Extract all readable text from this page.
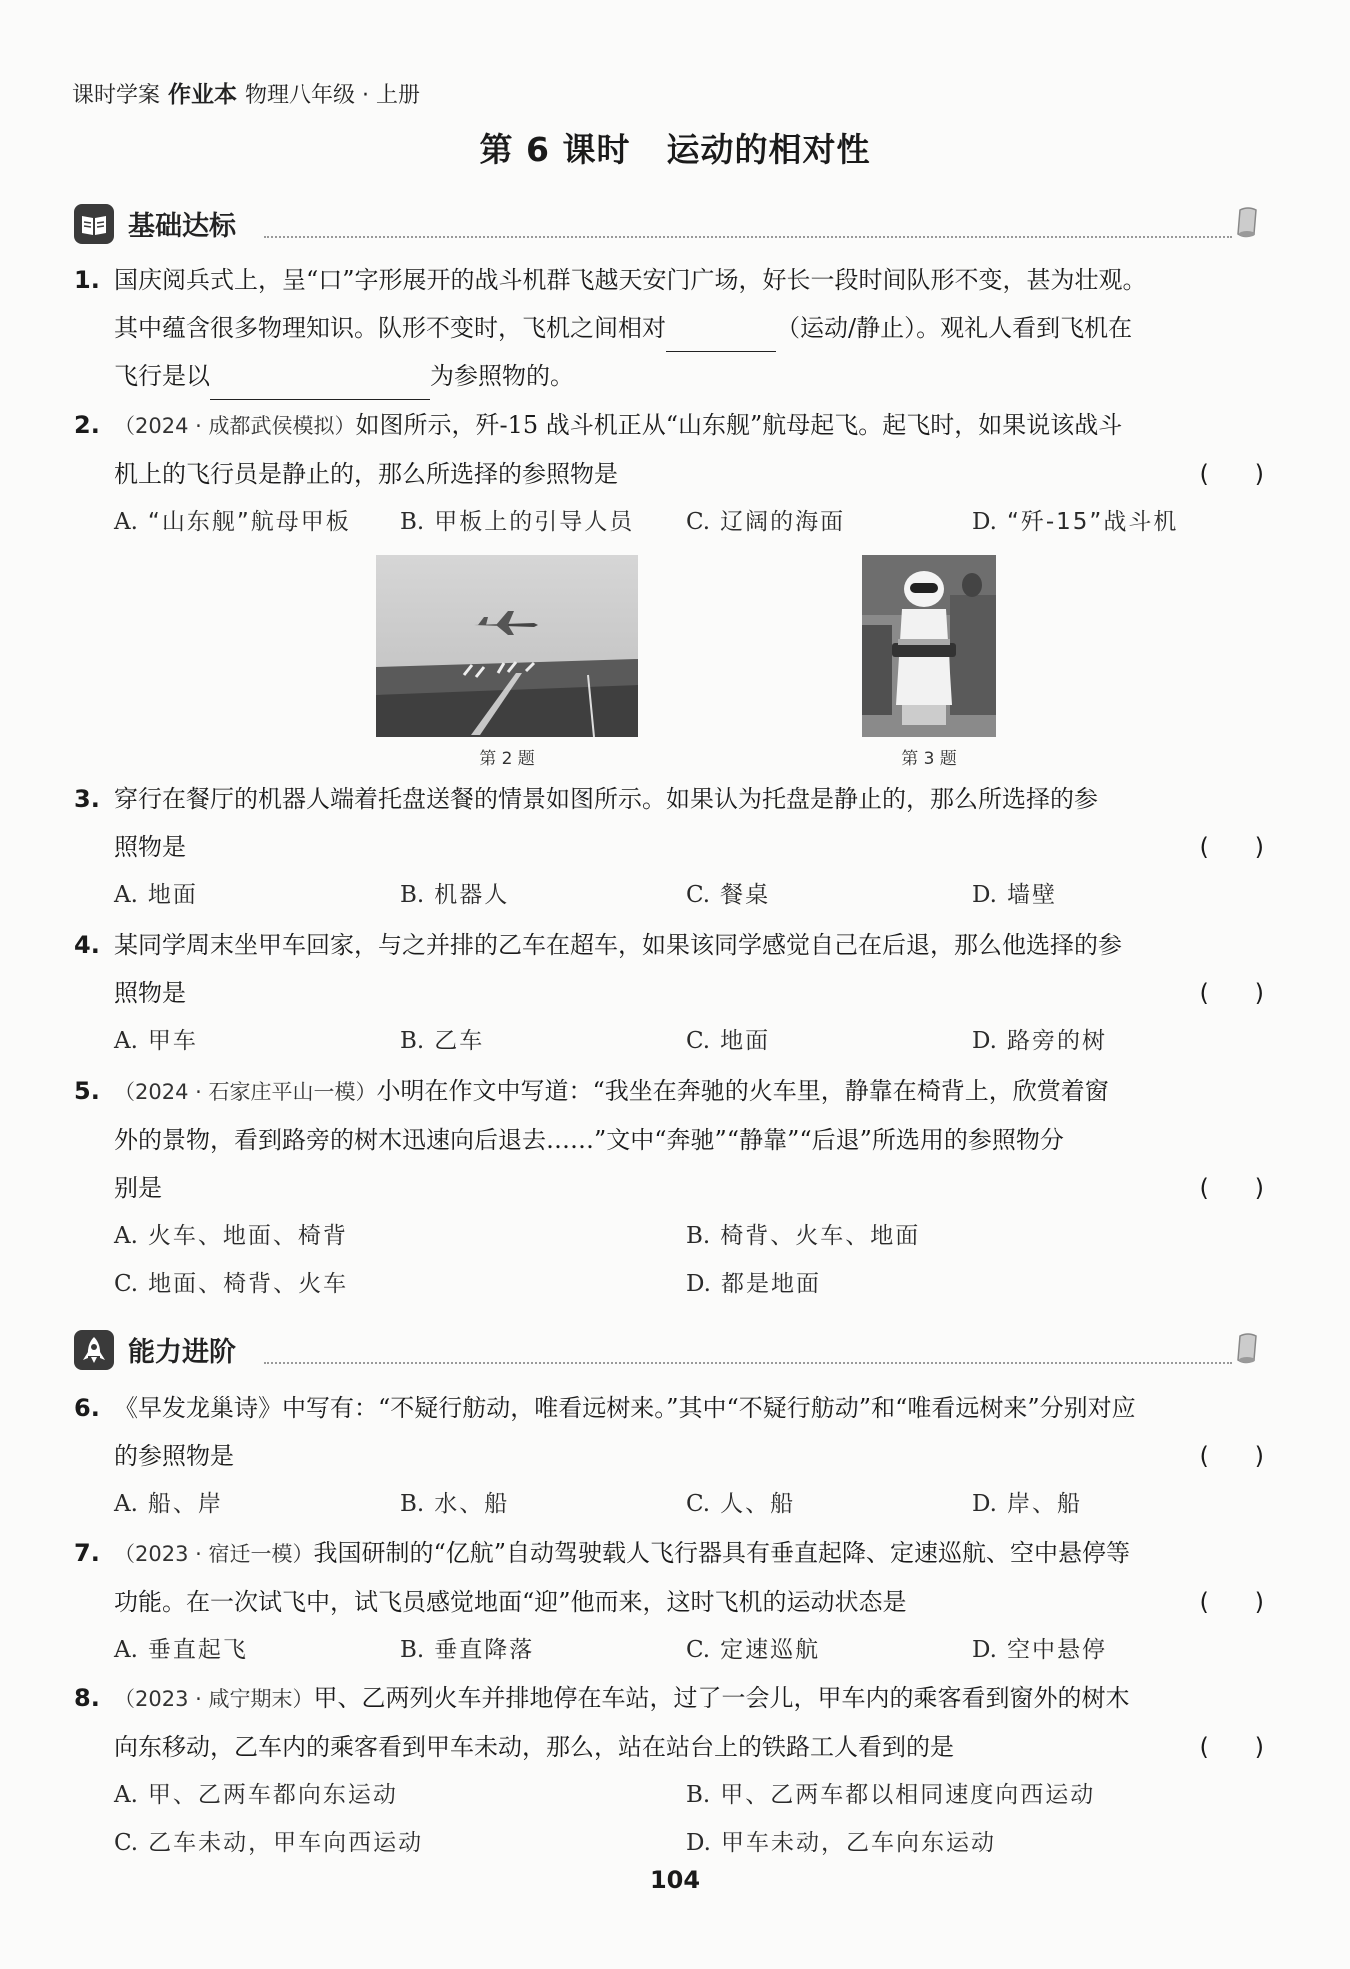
课时学案 作业本 物理八年级 · 上册
第 6 课时 运动的相对性
基础达标
1. 国庆阅兵式上，呈“口”字形展开的战斗机群飞越天安门广场，好长一段时间队形不变，甚为壮观。
其中蕴含很多物理知识。队形不变时，飞机之间相对	（运动/静止）。观礼人看到飞机在
飞行是以	为参照物的。
2. （2024 · 成都武侯模拟）如图所示，歼-15 战斗机正从“山东舰”航母起飞。起飞时，如果说该战斗
机上的飞行员是静止的，那么所选择的参照物是	(      )
A. “山东舰”航母甲板 B. 甲板上的引导人员 C. 辽阔的海面	D. “歼-15”战斗机
第 2 题	第 3 题
3. 穿行在餐厅的机器人端着托盘送餐的情景如图所示。如果认为托盘是静止的，那么所选择的参
照物是	(      )
A. 地面	B. 机器人	C. 餐桌	D. 墙壁
4. 某同学周末坐甲车回家，与之并排的乙车在超车，如果该同学感觉自己在后退，那么他选择的参
照物是	(      )
A. 甲车	B. 乙车	C. 地面	D. 路旁的树
5. （2024 · 石家庄平山一模）小明在作文中写道：“我坐在奔驰的火车里，静靠在椅背上，欣赏着窗
外的景物，看到路旁的树木迅速向后退去……”文中“奔驰”“静靠”“后退”所选用的参照物分
别是	(      )
A. 火车、地面、椅背	B. 椅背、火车、地面
C. 地面、椅背、火车	D. 都是地面
能力进阶
6. 《早发龙巢诗》中写有：“不疑行舫动，唯看远树来。”其中“不疑行舫动”和“唯看远树来”分别对应
的参照物是	(      )
A. 船、岸	B. 水、船	C. 人、船	D. 岸、船
7. （2023 · 宿迁一模）我国研制的“亿航”自动驾驶载人飞行器具有垂直起降、定速巡航、空中悬停等
功能。在一次试飞中，试飞员感觉地面“迎”他而来，这时飞机的运动状态是	(      )
A. 垂直起飞	B. 垂直降落	C. 定速巡航	D. 空中悬停
8. （2023 · 咸宁期末）甲、乙两列火车并排地停在车站，过了一会儿，甲车内的乘客看到窗外的树木
向东移动，乙车内的乘客看到甲车未动，那么，站在站台上的铁路工人看到的是	(      )
A. 甲、乙两车都向东运动	B. 甲、乙两车都以相同速度向西运动
C. 乙车未动，甲车向西运动	D. 甲车未动，乙车向东运动
104
